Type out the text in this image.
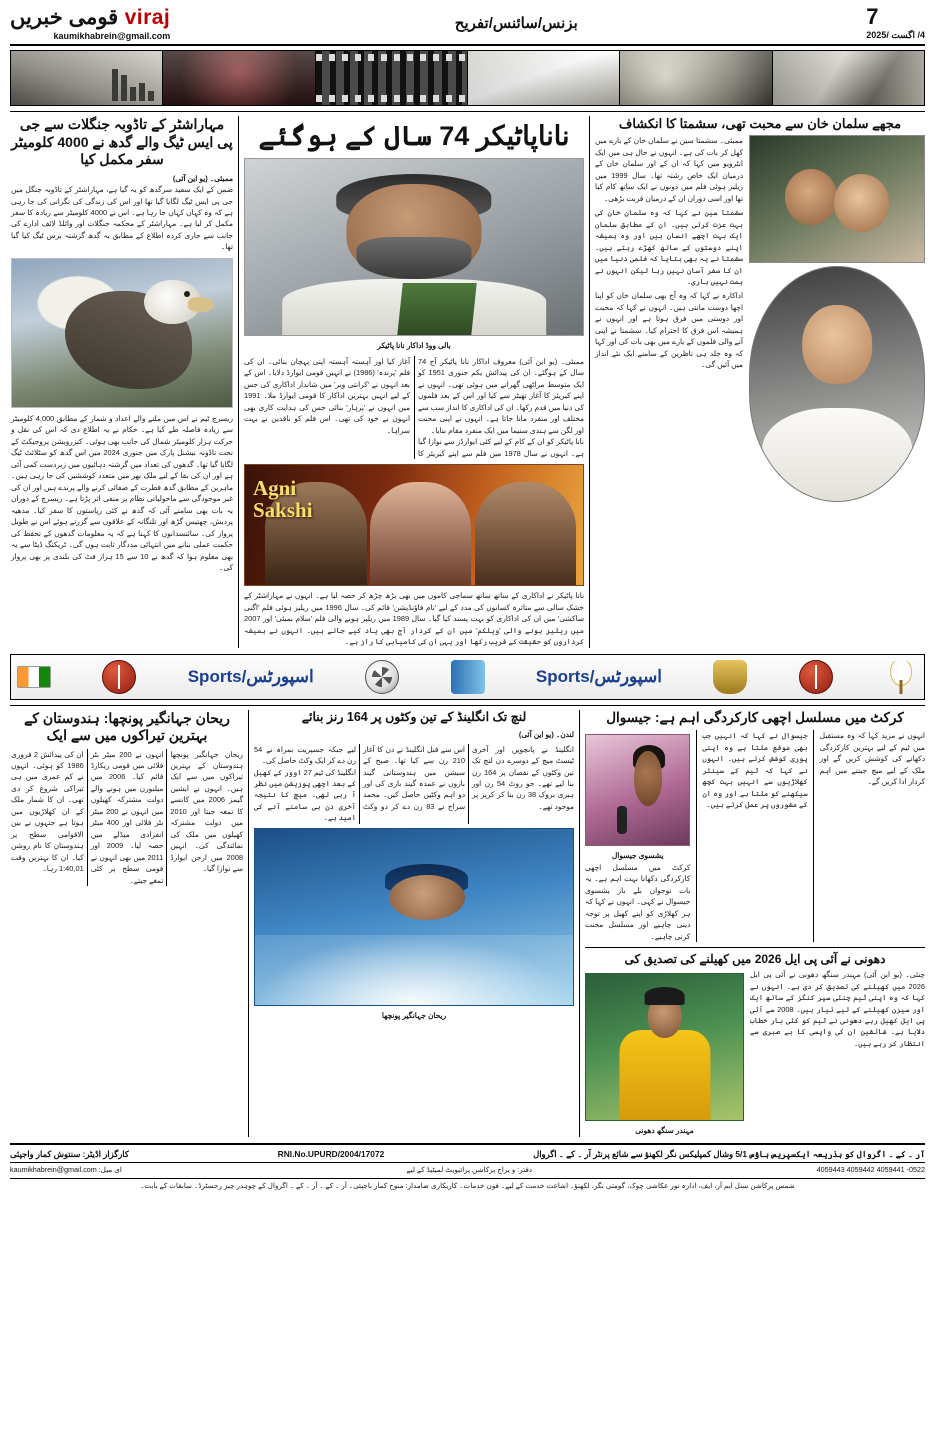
7
4/ اگست /2025
بزنس/سائنس/تفریح
viraj قومی خبریں
kaumikhabrein@gmail.com
مجھے سلمان خان سے محبت تھی، سشمتا کا انکشاف
ممبئی۔ سشمتا سین نے سلمان خان کے بارے میں کھل کر بات کی ہے۔ انہوں نے حال ہی میں ایک انٹرویو میں کہا کہ ان کے اور سلمان خان کے درمیان ایک خاص رشتہ تھا۔ سال 1999 میں ریلیز ہوئی فلم میں دونوں نے ایک ساتھ کام کیا تھا اور اسی دوران ان کے درمیان قربت بڑھی۔
سشمتا سین نے کہا کہ وہ سلمان خان کی بہت عزت کرتی ہیں۔ ان کے مطابق سلمان ایک بہت اچھے انسان ہیں اور وہ ہمیشہ اپنے دوستوں کے ساتھ کھڑے رہتے ہیں۔ سشمتا نے یہ بھی بتایا کہ فلمی دنیا میں ان کا سفر آسان نہیں رہا لیکن انہوں نے ہمت نہیں ہاری۔
اداکارہ نے کہا کہ وہ آج بھی سلمان خان کو اپنا اچھا دوست مانتی ہیں۔ انہوں نے کہا کہ محبت اور دوستی میں فرق ہوتا ہے اور انہوں نے ہمیشہ اس فرق کا احترام کیا۔ سشمتا نے اپنی آنے والی فلموں کے بارے میں بھی بات کی اور کہا کہ وہ جلد ہی ناظرین کے سامنے ایک نئے انداز میں آئیں گی۔
ناناپاٹیکر 74 سال کے ہوگئے
بالی ووڈ اداکار نانا پاٹیکر
ممبئی۔ (یو این آئی) معروف اداکار نانا پاٹیکر آج 74 سال کے ہوگئے۔ ان کی پیدائش یکم جنوری 1951 کو ایک متوسط مراٹھی گھرانے میں ہوئی تھی۔ انہوں نے اپنے کیریئر کا آغاز تھیٹر سے کیا اور اس کے بعد فلموں کی دنیا میں قدم رکھا۔ ان کی اداکاری کا انداز سب سے مختلف اور منفرد مانا جاتا ہے۔ انہوں نے اپنی محنت اور لگن سے ہندی سنیما میں ایک منفرد مقام بنایا۔
نانا پاٹیکر کو ان کے کام کے لیے کئی ایوارڈز سے نوازا گیا ہے۔ انہوں نے سال 1978 میں فلم سے اپنے کیریئر کا آغاز کیا اور آہستہ آہستہ اپنی پہچان بنائی۔ ان کی فلم 'پرندہ' (1986) نے انہیں قومی ایوارڈ دلایا۔ اس کے بعد انہوں نے 'کرانتی ویر' میں شاندار اداکاری کی جس کے لیے انہیں بہترین اداکار کا قومی ایوارڈ ملا۔ 1991 میں انہوں نے 'پرہار' بنائی جس کی ہدایت کاری بھی انہوں نے خود کی تھی۔ اس فلم کو ناقدین نے بہت سراہا۔
Agni
Sakshi
نانا پاٹیکر نے اداکاری کے ساتھ ساتھ سماجی کاموں میں بھی بڑھ چڑھ کر حصہ لیا ہے۔ انہوں نے مہاراشٹر کے خشک سالی سے متاثرہ کسانوں کی مدد کے لیے 'نام فاؤنڈیشن' قائم کی۔ سال 1996 میں ریلیز ہوئی فلم 'اگنی ساکشی' میں ان کی اداکاری کو بہت پسند کیا گیا۔ سال 1989 میں ریلیز ہونے والی فلم 'سلام بمبئی' اور 2007 میں ریلیز ہونے والی 'ویلکم' میں ان کے کردار آج بھی یاد کیے جاتے ہیں۔ انہوں نے ہمیشہ کرداروں کو حقیقت کے قریب رکھا اور یہی ان کی کامیابی کا راز ہے۔
مہاراشٹر کے تاڈوبہ جنگلات سے جی پی ایس ٹیگ والے گدھ نے 4000 کلومیٹر سفر مکمل کیا
ممبئی۔ (یو این آئی)
ضمن کے ایک سفید سرگدھ کو یہ گیا ہے، مہاراشٹر کے تاڈوبہ جنگل میں جی پی ایس ٹیگ لگایا گیا تھا اور اس کی زندگی کی نگرانی کی جا رہی ہے کہ وہ کہاں کہاں جا رہا ہے۔ اس نے 4000 کلومیٹر سے زیادہ کا سفر مکمل کر لیا ہے۔ مہاراشٹر کے محکمہ جنگلات اور وائلڈ لائف ادارے کی جانب سے جاری کردہ اطلاع کے مطابق یہ گدھ گزشتہ برس ٹیگ کیا گیا تھا۔
ریسرچ ٹیم نے اس میں ملنے والے اعداد و شمار کے مطابق 4,000 کلومیٹر سے زیادہ فاصلہ طے کیا ہے۔ حکام نے یہ اطلاع دی کہ اس کی نقل و حرکت ہزار کلومیٹر شمال کی جانب بھی ہوئی۔ کنزرویشن پروجیکٹ کے تحت تاڈوبہ نیشنل پارک میں جنوری 2024 میں اس گدھ کو سٹلائٹ ٹیگ لگایا گیا تھا۔ گدھوں کی تعداد میں گزشتہ دہائیوں میں زبردست کمی آئی ہے اور ان کی بقا کے لیے ملک بھر میں متعدد کوششیں کی جا رہی ہیں۔ ماہرین کے مطابق گدھ فطرت کے صفائی کرنے والے پرندے ہیں اور ان کی غیر موجودگی سے ماحولیاتی نظام پر منفی اثر پڑتا ہے۔ ریسرچ کے دوران یہ بات بھی سامنے آئی کہ گدھ نے کئی ریاستوں کا سفر کیا۔ مدھیہ پردیش، چھتیس گڑھ اور تلنگانہ کے علاقوں سے گزرتے ہوئے اس نے طویل پرواز کی۔ سائنسدانوں کا کہنا ہے کہ یہ معلومات گدھوں کے تحفظ کی حکمت عملی بنانے میں انتہائی مددگار ثابت ہوں گی۔ ٹریکنگ ڈیٹا سے یہ بھی معلوم ہوا کہ گدھ نے 10 سے 15 ہزار فٹ کی بلندی پر بھی پرواز کی۔
اسپورٹس/Sports
اسپورٹس/Sports
کرکٹ میں مسلسل اچھی کارکردگی اہم ہے: جیسوال
انہوں نے مزید کہا کہ وہ مستقبل میں ٹیم کے لیے بہترین کارکردگی دکھانے کی کوشش کریں گے اور ملک کے لیے میچ جیتنے میں اہم کردار ادا کریں گے۔
جیسوال نے کہا کہ انہیں جب بھی موقع ملتا ہے وہ اپنی پوری کوشش کرتے ہیں۔ انہوں نے کہا کہ ٹیم کے سینئر کھلاڑیوں سے انہیں بہت کچھ سیکھنے کو ملتا ہے اور وہ ان کے مشوروں پر عمل کرتے ہیں۔
یشسوی جیسوال
کرکٹ میں مسلسل اچھی کارکردگی دکھانا بہت اہم ہے۔ یہ بات نوجوان بلے باز یشسوی جیسوال نے کہی۔ انہوں نے کہا کہ ہر کھلاڑی کو اپنے کھیل پر توجہ دینی چاہیے اور مسلسل محنت کرنی چاہیے۔
دھونی نے آئی پی ایل 2026 میں کھیلنے کی تصدیق کی
چنئی۔ (یو این آئی) مہندر سنگھ دھونی نے آئی پی ایل 2026 میں کھیلنے کی تصدیق کر دی ہے۔ انہوں نے کہا کہ وہ اپنی ٹیم چنئی سپر کنگز کے ساتھ ایک اور سیزن کھیلنے کے لیے تیار ہیں۔ 2008 سے آئی پی ایل کھیل رہے دھونی نے ٹیم کو کئی بار خطاب دلایا ہے۔ شائقین ان کی واپسی کا بے صبری سے انتظار کر رہے ہیں۔
مہندر سنگھ دھونی
لنچ تک انگلینڈ کے تین وکٹوں پر 164 رنز بنائے
لندن۔ (یو این آئی)
انگلینڈ نے پانچویں اور آخری ٹیسٹ میچ کے دوسرے دن لنچ تک تین وکٹوں کے نقصان پر 164 رن بنا لیے تھے۔ جو روٹ 54 رن اور ہیری بروک 38 رن بنا کر کریز پر موجود تھے۔
اس سے قبل انگلینڈ نے دن کا آغاز 210 رن سے کیا تھا۔ صبح کے سیشن میں ہندوستانی گیند بازوں نے عمدہ گیند بازی کی اور دو اہم وکٹیں حاصل کیں۔ محمد سراج نے 83 رن دے کر دو وکٹ لیے جبکہ جسپریت بمراہ نے 54 رن دے کر ایک وکٹ حاصل کی۔
انگلینڈ کی ٹیم 27 اوور کے کھیل کے بعد اچھی پوزیشن میں نظر آ رہی تھی۔ میچ کا نتیجہ آخری دن ہی سامنے آنے کی امید ہے۔
ریحان جہانگیر پونچھا
ریحان جہانگیر پونچھا: ہندوستان کے بہترین تیراکوں میں سے ایک
ریحان جہانگیر پونچھا ہندوستان کے بہترین تیراکوں میں سے ایک ہیں۔ انہوں نے ایشین گیمز 2006 میں کانسے کا تمغہ جیتا اور 2010 میں دولت مشترکہ کھیلوں میں ملک کی نمائندگی کی۔ انہیں 2008 میں ارجن ایوارڈ سے نوازا گیا۔
انہوں نے 200 میٹر بٹر فلائی میں قومی ریکارڈ قائم کیا۔ 2006 میں میلبورن میں ہونے والے دولت مشترکہ کھیلوں میں انہوں نے 200 میٹر بٹر فلائی اور 400 میٹر انفرادی میڈلے میں حصہ لیا۔ 2009 اور 2011 میں بھی انہوں نے قومی سطح پر کئی تمغے جیتے۔
ان کی پیدائش 2 فروری 1986 کو ہوئی۔ انہوں نے کم عمری میں ہی تیراکی شروع کر دی تھی۔ ان کا شمار ملک کے ان کھلاڑیوں میں ہوتا ہے جنہوں نے بین الاقوامی سطح پر ہندوستان کا نام روشن کیا۔ ان کا بہترین وقت 1:40,01 رہا۔
آر ۔ کے ۔ اگروال کو بذریعہ ایکسپریس ہاؤس 5/1 وشال کمپلیکس نگر لکھنؤ سے شائع پرنٹر آر ۔ کے ۔ اگروال
RNI.No.UPURD/2004/17072
کارگزار اڈیٹر: سنتوش کمار واجپئی
0522- 4059441 4059442 4059443
دفتر: و یراج پرکاشن پرائیویٹ لمیٹیڈ کے لیے
ای میل: kaumikhabrein@gmail.com
شمس پرکاشن سنل ایم آر، ایف، ادارہ نور عکاشی چوک، گومتی نگر، لکھنؤ۔ اشاعت خدمت کے لیے۔ فون خدمات۔ کاریکاری ضامدار: منوج کمار باجپئی۔ آر ۔ کے ۔ آر ۔ کے ۔ اگروال کے چوہدر چیز رجسٹرڈ۔ سابقات کے بابت۔
